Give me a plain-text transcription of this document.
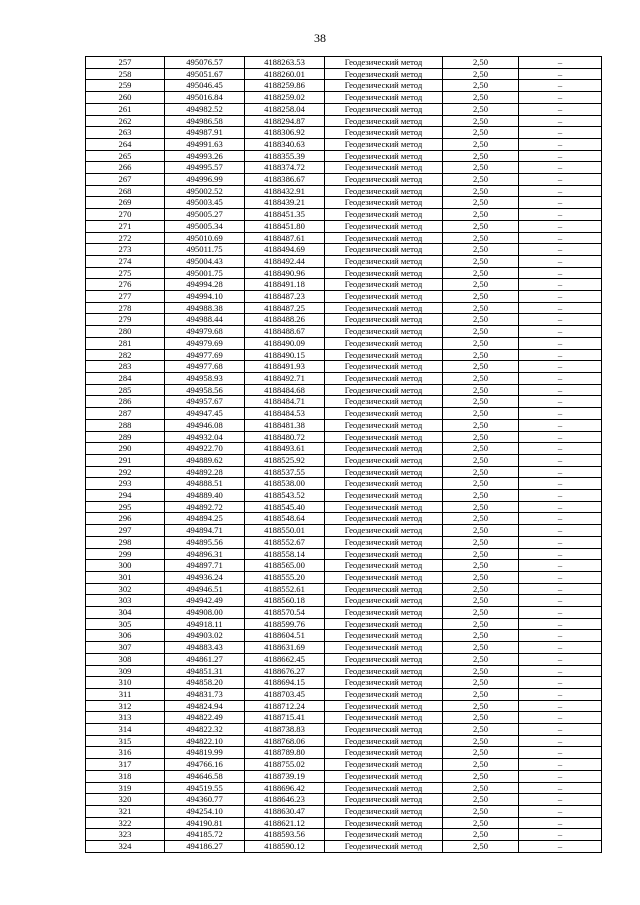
38
257	495076.57	4188263.53	Геодезический метод	2,50	–
258	495051.67	4188260.01	Геодезический метод	2,50	–
259	495046.45	4188259.86	Геодезический метод	2,50	–
260	495016.84	4188259.02	Геодезический метод	2,50	–
261	494982.52	4188258.04	Геодезический метод	2,50	–
262	494986.58	4188294.87	Геодезический метод	2,50	–
263	494987.91	4188306.92	Геодезический метод	2,50	–
264	494991.63	4188340.63	Геодезический метод	2,50	–
265	494993.26	4188355.39	Геодезический метод	2,50	–
266	494995.57	4188374.72	Геодезический метод	2,50	–
267	494996.99	4188386.67	Геодезический метод	2,50	–
268	495002.52	4188432.91	Геодезический метод	2,50	–
269	495003.45	4188439.21	Геодезический метод	2,50	–
270	495005.27	4188451.35	Геодезический метод	2,50	–
271	495005.34	4188451.80	Геодезический метод	2,50	–
272	495010.69	4188487.61	Геодезический метод	2,50	–
273	495011.75	4188494.69	Геодезический метод	2,50	–
274	495004.43	4188492.44	Геодезический метод	2,50	–
275	495001.75	4188490.96	Геодезический метод	2,50	–
276	494994.28	4188491.18	Геодезический метод	2,50	–
277	494994.10	4188487.23	Геодезический метод	2,50	–
278	494988.38	4188487.25	Геодезический метод	2,50	–
279	494988.44	4188488.26	Геодезический метод	2,50	–
280	494979.68	4188488.67	Геодезический метод	2,50	–
281	494979.69	4188490.09	Геодезический метод	2,50	–
282	494977.69	4188490.15	Геодезический метод	2,50	–
283	494977.68	4188491.93	Геодезический метод	2,50	–
284	494958.93	4188492.71	Геодезический метод	2,50	–
285	494958.56	4188484.68	Геодезический метод	2,50	–
286	494957.67	4188484.71	Геодезический метод	2,50	–
287	494947.45	4188484.53	Геодезический метод	2,50	–
288	494946.08	4188481.38	Геодезический метод	2,50	–
289	494932.04	4188480.72	Геодезический метод	2,50	–
290	494922.70	4188493.61	Геодезический метод	2,50	–
291	494889.62	4188525.92	Геодезический метод	2,50	–
292	494892.28	4188537.55	Геодезический метод	2,50	–
293	494888.51	4188538.00	Геодезический метод	2,50	–
294	494889.40	4188543.52	Геодезический метод	2,50	–
295	494892.72	4188545.40	Геодезический метод	2,50	–
296	494894.25	4188548.64	Геодезический метод	2,50	–
297	494894.71	4188550.01	Геодезический метод	2,50	–
298	494895.56	4188552.67	Геодезический метод	2,50	–
299	494896.31	4188558.14	Геодезический метод	2,50	–
300	494897.71	4188565.00	Геодезический метод	2,50	–
301	494936.24	4188555.20	Геодезический метод	2,50	–
302	494946.51	4188552.61	Геодезический метод	2,50	–
303	494942.49	4188560.18	Геодезический метод	2,50	–
304	494908.00	4188570.54	Геодезический метод	2,50	–
305	494918.11	4188599.76	Геодезический метод	2,50	–
306	494903.02	4188604.51	Геодезический метод	2,50	–
307	494883.43	4188631.69	Геодезический метод	2,50	–
308	494861.27	4188662.45	Геодезический метод	2,50	–
309	494851.31	4188676.27	Геодезический метод	2,50	–
310	494858.20	4188694.15	Геодезический метод	2,50	–
311	494831.73	4188703.45	Геодезический метод	2,50	–
312	494824.94	4188712.24	Геодезический метод	2,50	–
313	494822.49	4188715.41	Геодезический метод	2,50	–
314	494822.32	4188738.83	Геодезический метод	2,50	–
315	494822.10	4188768.06	Геодезический метод	2,50	–
316	494819.99	4188789.80	Геодезический метод	2,50	–
317	494766.16	4188755.02	Геодезический метод	2,50	–
318	494646.58	4188739.19	Геодезический метод	2,50	–
319	494519.55	4188696.42	Геодезический метод	2,50	–
320	494360.77	4188646.23	Геодезический метод	2,50	–
321	494254.10	4188630.47	Геодезический метод	2,50	–
322	494190.81	4188621.12	Геодезический метод	2,50	–
323	494185.72	4188593.56	Геодезический метод	2,50	–
324	494186.27	4188590.12	Геодезический метод	2,50	–
